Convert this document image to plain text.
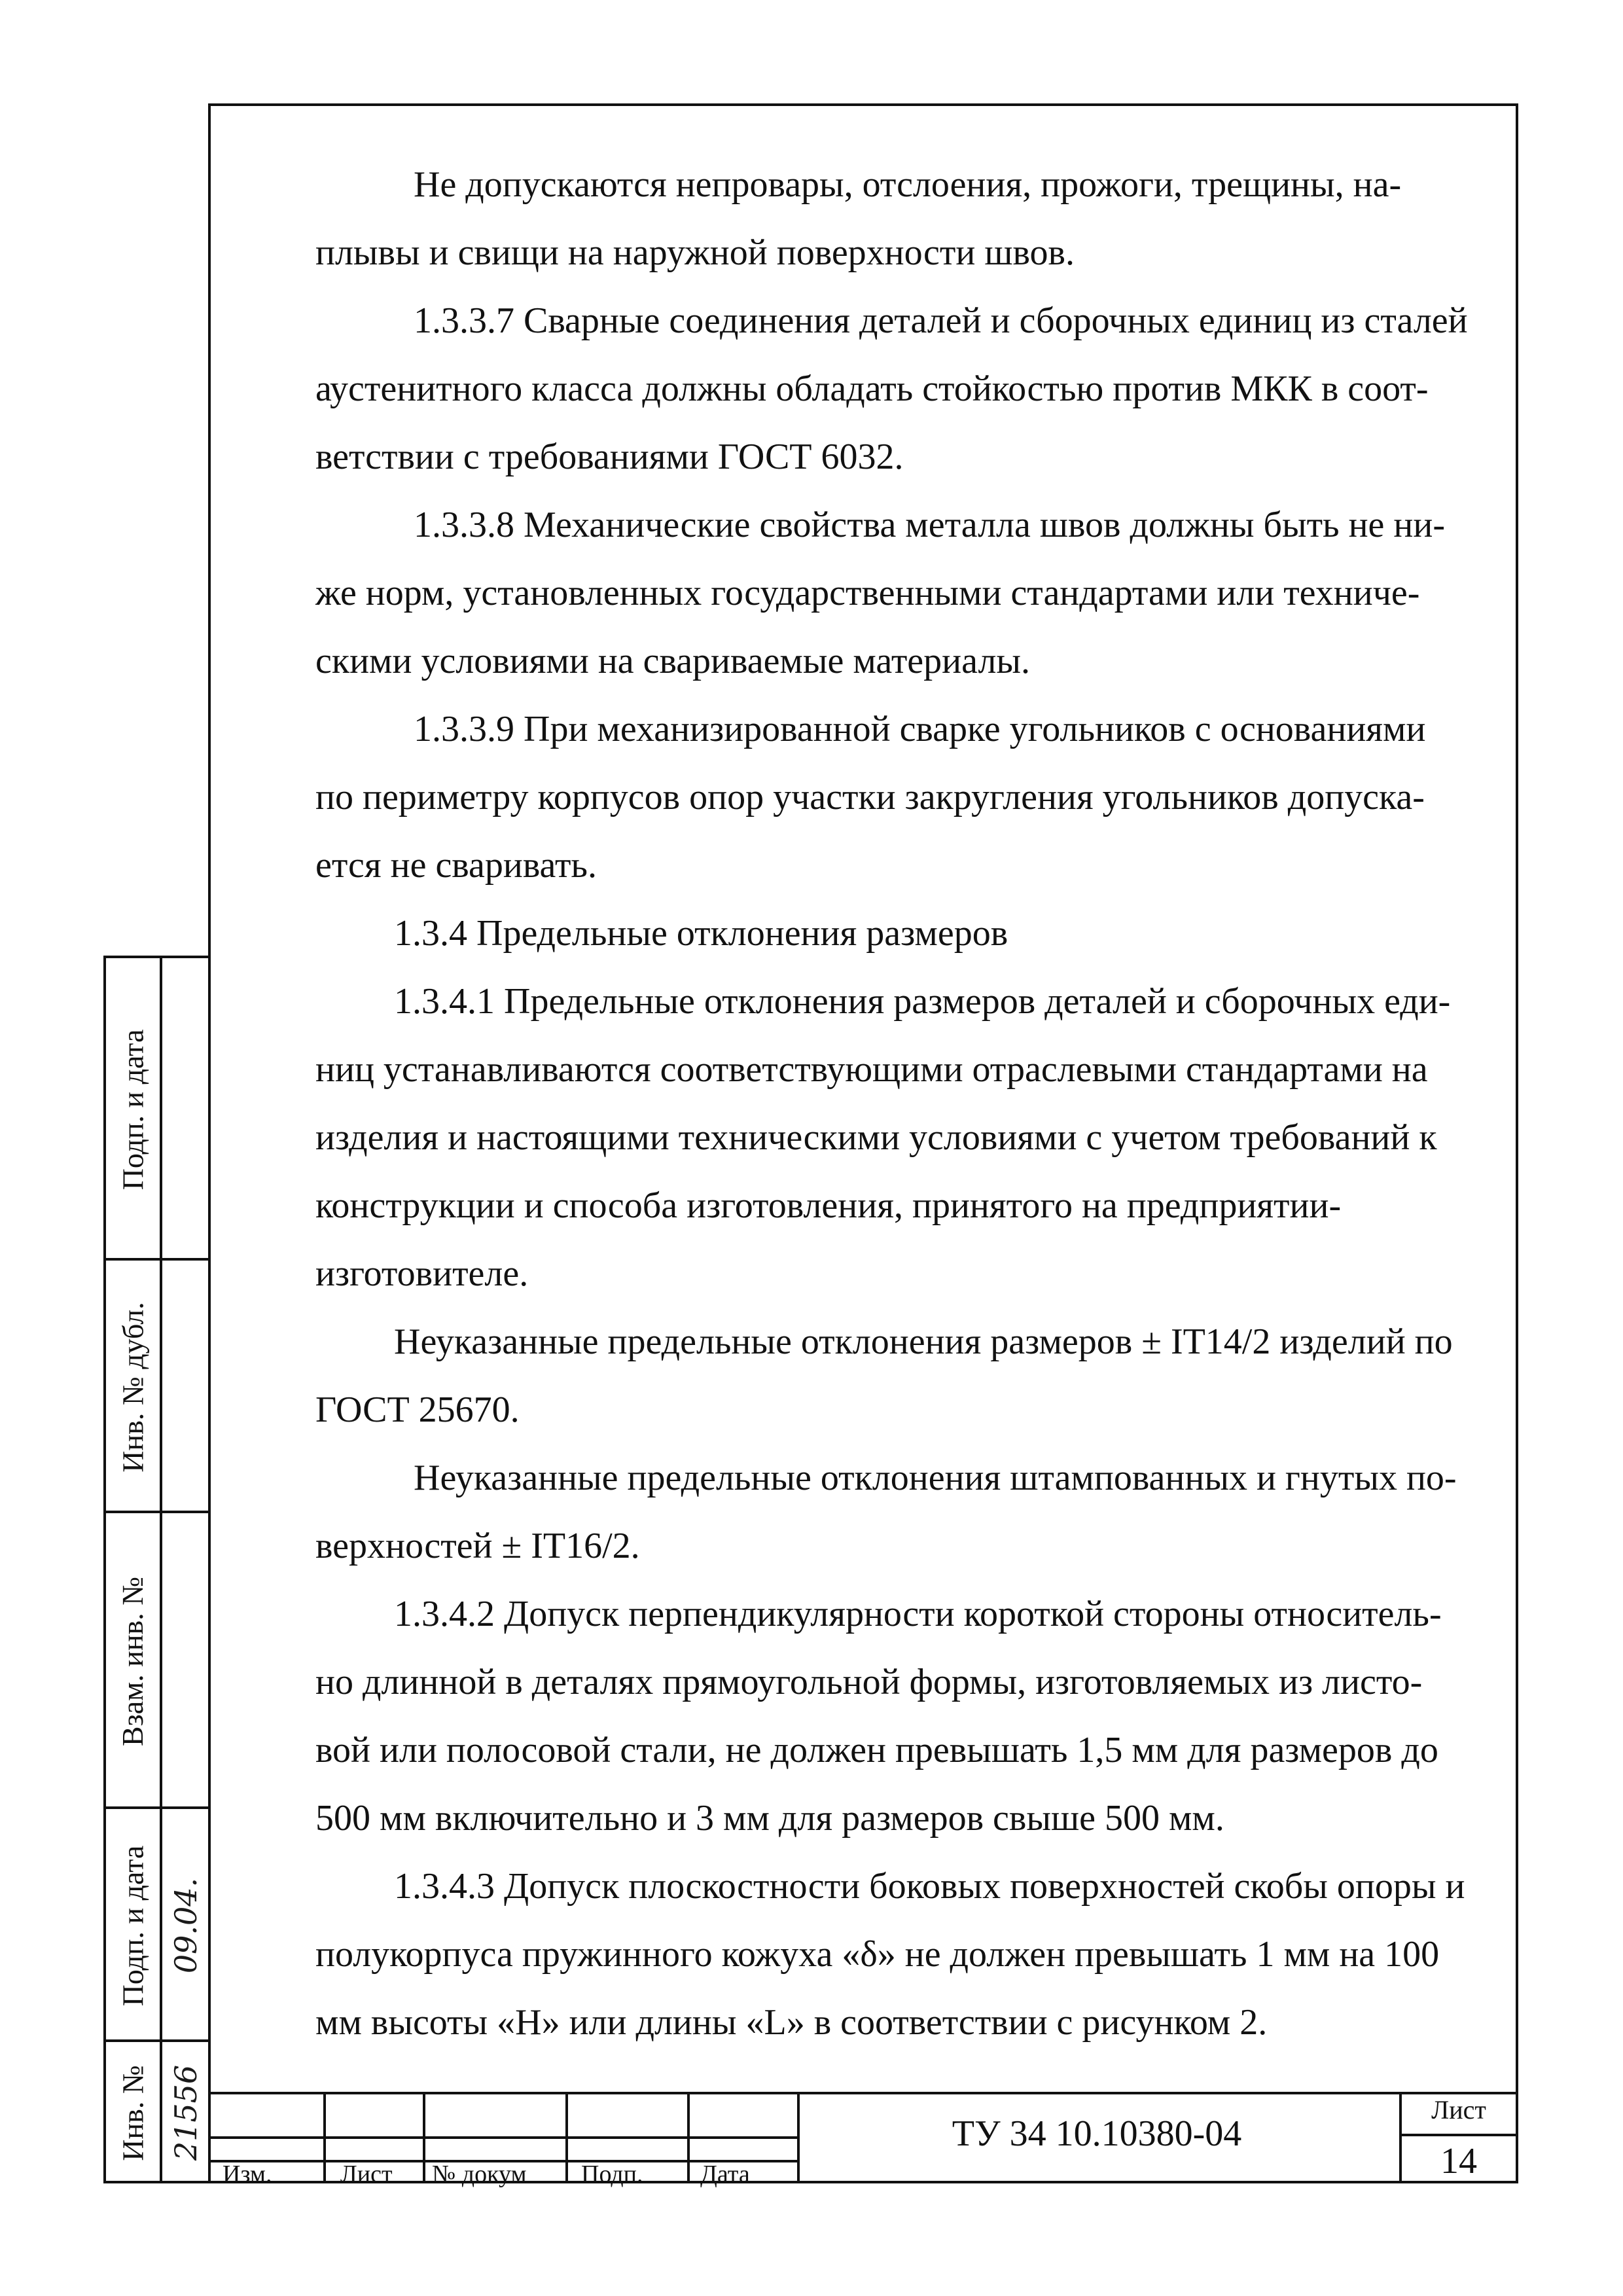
Не допускаются непровары, отслоения, прожоги, трещины, на-

плывы и свищи на наружной поверхности швов.

1.3.3.7 Сварные соединения деталей и сборочных единиц из сталей

аустенитного класса должны обладать стойкостью против МКК в соот-

ветствии с требованиями ГОСТ 6032.

1.3.3.8 Механические свойства металла швов должны быть не ни-

же норм, установленных государственными стандартами или техниче-

скими условиями на свариваемые материалы.

1.3.3.9 При механизированной сварке угольников с основаниями

по периметру корпусов опор участки закругления угольников допуска-

ется не сваривать.

1.3.4 Предельные отклонения размеров

1.3.4.1 Предельные отклонения размеров деталей и сборочных еди-

ниц устанавливаются соответствующими отраслевыми стандартами на

изделия и настоящими техническими условиями с учетом требований к

конструкции и способа изготовления, принятого на предприятии-

изготовителе.

Неуказанные предельные отклонения размеров ± IT14/2 изделий по

ГОСТ 25670.

Неуказанные предельные отклонения штампованных и гнутых по-

верхностей ± IT16/2.

1.3.4.2 Допуск перпендикулярности короткой стороны относитель-

но длинной в деталях прямоугольной формы, изготовляемых из листо-

вой или полосовой стали, не должен превышать 1,5 мм для размеров до

500 мм включительно и 3 мм для размеров свыше 500 мм.

1.3.4.3 Допуск плоскостности боковых поверхностей скобы опоры и

полукорпуса пружинного кожуха «δ» не должен превышать 1 мм на 100

мм высоты «Н» или длины «L» в соответствии с рисунком 2.

Подп. и дата
Инв. № дубл.
Взам. инв. №
Подп. и дата
Инв. №
09.04.
21556
Изм.	Лист № докум Подп. Дата
ТУ 34 10.10380-04
Лист
14
